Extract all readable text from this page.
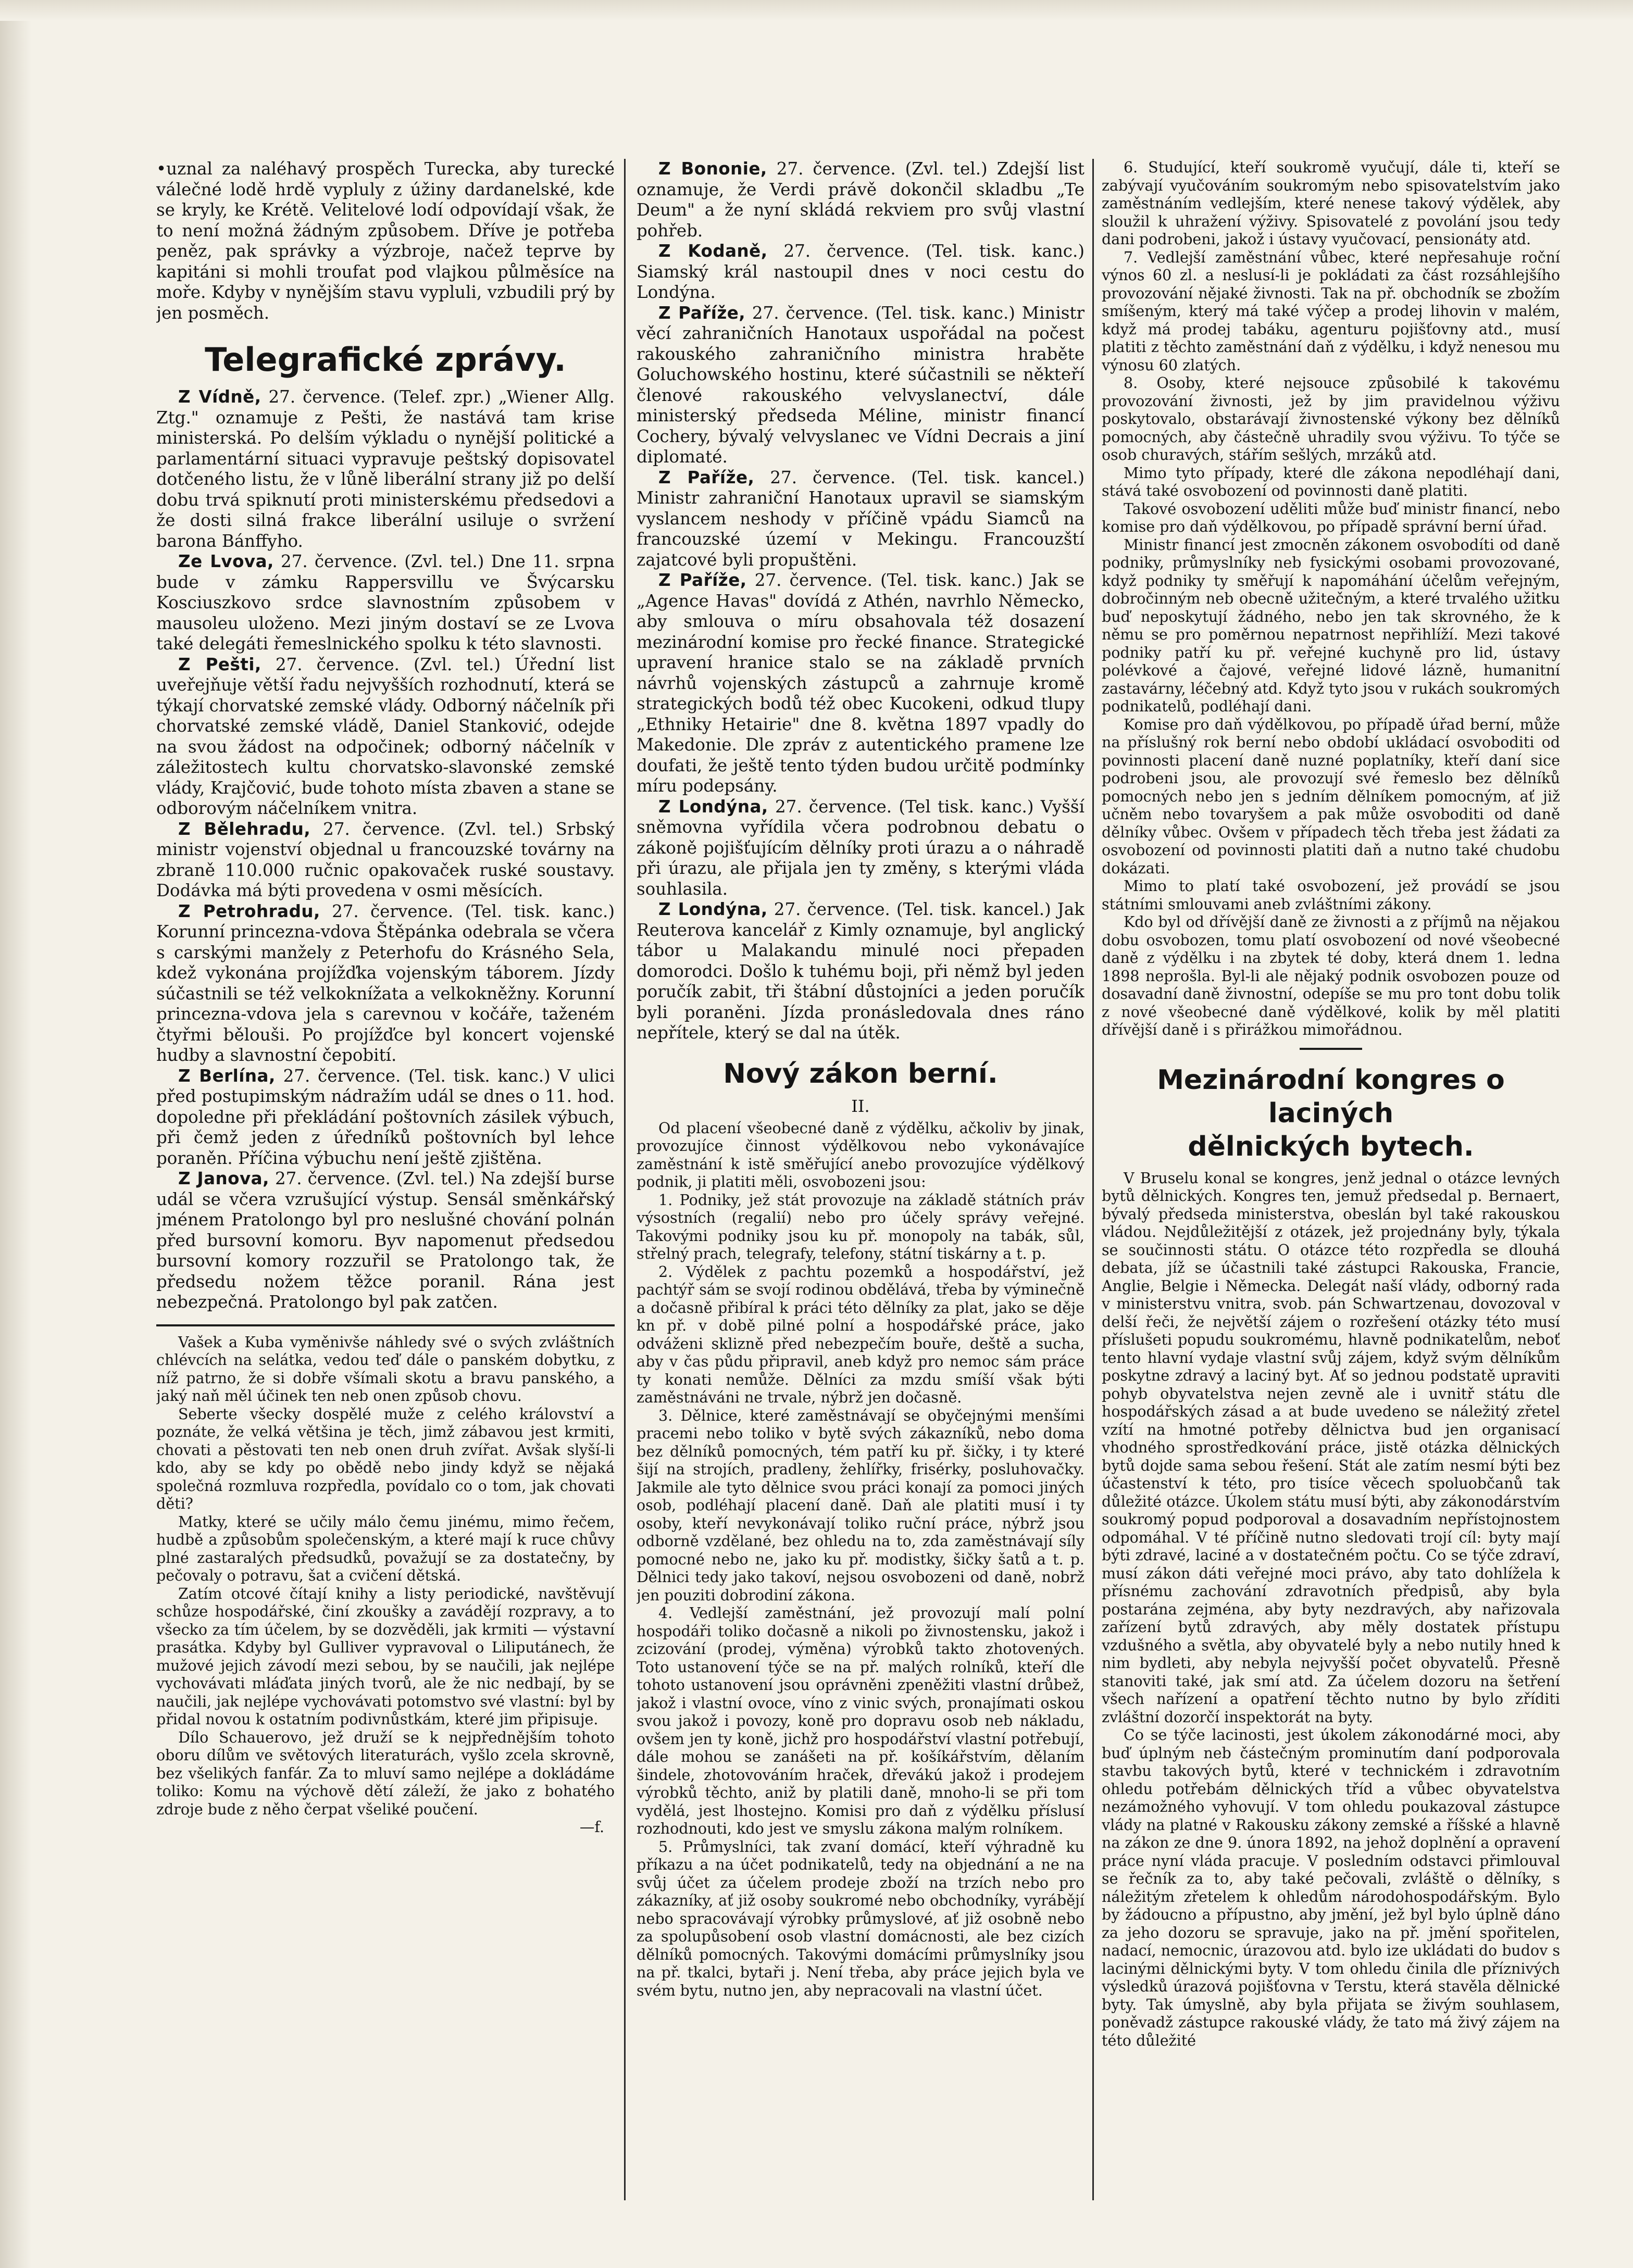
•uznal za naléhavý prospěch Turecka, aby turecké válečné lodě hrdě vypluly z úžiny dardanelské, kde se kryly, ke Krétě. Velitelové lodí odpovídají však, že to není možná žádným způsobem. Dříve je potřeba peněz, pak správky a výzbroje, načež teprve by kapitáni si mohli troufat pod vlajkou půlměsíce na moře. Kdyby v nynějším stavu vypluli, vzbudili prý by jen posměch.

Telegrafické zprávy.

Z Vídně, 27. července. (Telef. zpr.) „Wiener Allg. Ztg." oznamuje z Pešti, že nastává tam krise ministerská. Po delším výkladu o nynější politické a parlamentární situaci vypravuje peštský dopisovatel dotčeného listu, že v lůně liberální strany již po delší dobu trvá spiknutí proti ministerskému předsedovi a že dosti silná frakce liberální usiluje o svržení barona Bánffyho.

Ze Lvova, 27. července. (Zvl. tel.) Dne 11. srpna bude v zámku Rappersvillu ve Švýcarsku Kosciuszkovo srdce slavnostním způsobem v mausoleu uloženo. Mezi jiným dostaví se ze Lvova také delegáti řemeslnického spolku k této slavnosti.

Z Pešti, 27. července. (Zvl. tel.) Úřední list uveřejňuje větší řadu nejvyšších rozhodnutí, která se týkají chorvatské zemské vlády. Odborný náčelník při chorvatské zemské vládě, Daniel Stanković, odejde na svou žádost na odpočinek; odborný náčelník v záležitostech kultu chorvatsko-slavonské zemské vlády, Krajčović, bude tohoto místa zbaven a stane se odborovým náčelníkem vnitra.

Z Bělehradu, 27. července. (Zvl. tel.) Srbský ministr vojenství objednal u francouzské továrny na zbraně 110.000 ručnic opakovaček ruské soustavy. Dodávka má býti provedena v osmi měsících.

Z Petrohradu, 27. července. (Tel. tisk. kanc.) Korunní princezna-vdova Štěpánka odebrala se včera s carskými manžely z Peterhofu do Krásného Sela, kdež vykonána projížďka vojenským táborem. Jízdy súčastnili se též velkoknížata a velkokněžny. Korunní princezna-vdova jela s carevnou v kočáře, taženém čtyřmi bělouši. Po projížďce byl koncert vojenské hudby a slavnostní čepobití.

Z Berlína, 27. července. (Tel. tisk. kanc.) V ulici před postupimským nádražím udál se dnes o 11. hod. dopoledne při překládání poštovních zásilek výbuch, při čemž jeden z úředníků poštovních byl lehce poraněn. Příčina výbuchu není ještě zjištěna.

Z Janova, 27. července. (Zvl. tel.) Na zdejší burse udál se včera vzrušující výstup. Sensál směnkářský jménem Pratolongo byl pro neslušné chování polnán před bursovní komoru. Byv napomenut předsedou bursovní komory rozzuřil se Pratolongo tak, že předsedu nožem těžce poranil. Rána jest nebezpečná. Pratolongo byl pak zatčen.

Vašek a Kuba vyměnivše náhledy své o svých zvláštních chlévcích na selátka, vedou teď dále o panském dobytku, z níž patrno, že si dobře všímali skotu a bravu panského, a jaký naň měl účinek ten neb onen způsob chovu.

Seberte všecky dospělé muže z celého království a poznáte, že velká většina je těch, jimž zábavou jest krmiti, chovati a pěstovati ten neb onen druh zvířat. Avšak slyší-li kdo, aby se kdy po obědě nebo jindy když se nějaká společná rozmluva rozpředla, povídalo co o tom, jak chovati děti?

Matky, které se učily málo čemu jinému, mimo řečem, hudbě a způsobům společenským, a které mají k ruce chůvy plné zastaralých předsudků, považují se za dostatečny, by pečovaly o potravu, šat a cvičení dětská.

Zatím otcové čítají knihy a listy periodické, navštěvují schůze hospodářské, činí zkoušky a zavádějí rozpravy, a to všecko za tím účelem, by se dozvěděli, jak krmiti — výstavní prasátka. Kdyby byl Gulliver vypravoval o Liliputánech, že mužové jejich závodí mezi sebou, by se naučili, jak nejlépe vychovávati mláďata jiných tvorů, ale že nic nedbají, by se naučili, jak nejlépe vychovávati potomstvo své vlastní: byl by přidal novou k ostatním podivnůstkám, které jim připisuje.

Dílo Schauerovo, jež druží se k nejpřednějším tohoto oboru dílům ve světových literaturách, vyšlo zcela skrovně, bez všelikých fanfár. Za to mluví samo nejlépe a dokládáme toliko: Komu na výchově dětí záleží, že jako z bohatého zdroje bude z něho čerpat všeliké poučení.

—f.

Z Bononie, 27. července. (Zvl. tel.) Zdejší list oznamuje, že Verdi právě dokončil skladbu „Te Deum" a že nyní skládá rekviem pro svůj vlastní pohřeb.

Z Kodaně, 27. července. (Tel. tisk. kanc.) Siamský král nastoupil dnes v noci cestu do Londýna.

Z Paříže, 27. července. (Tel. tisk. kanc.) Ministr věcí zahraničních Hanotaux uspořádal na počest rakouského zahraničního ministra hraběte Goluchowského hostinu, které súčastnili se někteří členové rakouského velvyslanectví, dále ministerský předseda Méline, ministr financí Cochery, bývalý velvyslanec ve Vídni Decrais a jiní diplomaté.

Z Paříže, 27. července. (Tel. tisk. kancel.) Ministr zahraniční Hanotaux upravil se siamským vyslancem neshody v příčině vpádu Siamců na francouzské území v Mekingu. Francouzští zajatcové byli propuštěni.

Z Paříže, 27. července. (Tel. tisk. kanc.) Jak se „Agence Havas" dovídá z Athén, navrhlo Německo, aby smlouva o míru obsahovala též dosazení mezinárodní komise pro řecké finance. Strategické upravení hranice stalo se na základě prvních návrhů vojenských zástupců a zahrnuje kromě strategických bodů též obec Kucokeni, odkud tlupy „Ethniky Hetairie" dne 8. května 1897 vpadly do Makedonie. Dle zpráv z autentického pramene lze doufati, že ještě tento týden budou určitě podmínky míru podepsány.

Z Londýna, 27. července. (Tel tisk. kanc.) Vyšší sněmovna vyřídila včera podrobnou debatu o zákoně pojišťujícím dělníky proti úrazu a o náhradě při úrazu, ale přijala jen ty změny, s kterými vláda souhlasila.

Z Londýna, 27. července. (Tel. tisk. kancel.) Jak Reuterova kancelář z Kimly oznamuje, byl anglický tábor u Malakandu minulé noci přepaden domorodci. Došlo k tuhému boji, při němž byl jeden poručík zabit, tři štábní důstojníci a jeden poručík byli poraněni. Jízda pronásledovala dnes ráno nepřítele, který se dal na útěk.

Nový zákon berní.
II.

Od placení všeobecné daně z výdělku, ačkoliv by jinak, provozujíce činnost výdělkovou nebo vykonávajíce zaměstnání k istě směřující anebo provozujíce výdělkový podnik, ji platiti měli, osvobozeni jsou:

1. Podniky, jež stát provozuje na základě státních práv výsostních (regalií) nebo pro účely správy veřejné. Takovými podniky jsou ku př. monopoly na tabák, sůl, střelný prach, telegrafy, telefony, státní tiskárny a t. p.

2. Výdělek z pachtu pozemků a hospodářství, jež pachtýř sám se svojí rodinou obdělává, třeba by výminečně a dočasně přibíral k práci této dělníky za plat, jako se děje kn př. v době pilné polní a hospodářské práce, jako odváženi sklizně před nebezpečím bouře, deště a sucha, aby v čas půdu připravil, aneb když pro nemoc sám práce ty konati nemůže. Dělníci za mzdu smíší však býti zaměstnáváni ne trvale, nýbrž jen dočasně.

3. Dělnice, které zaměstnávají se obyčejnými menšími pracemi nebo toliko v bytě svých zákazníků, nebo doma bez dělníků pomocných, tém patří ku př. šičky, i ty které šijí na strojích, pradleny, žehlířky, frisérky, posluhovačky. Jakmile ale tyto dělnice svou práci konají za pomoci jiných osob, podléhají placení daně. Daň ale platiti musí i ty osoby, kteří nevykonávají toliko ruční práce, nýbrž jsou odborně vzdělané, bez ohledu na to, zda zaměstnávají síly pomocné nebo ne, jako ku př. modistky, šičky šatů a t. p. Dělnici tedy jako takoví, nejsou osvobozeni od daně, nobrž jen pouziti dobrodiní zákona.

4. Vedlejší zaměstnání, jež provozují malí polní hospodáři toliko dočasně a nikoli po živnostensku, jakož i zcizování (prodej, výměna) výrobků takto zhotovených. Toto ustanovení týče se na př. malých rolníků, kteří dle tohoto ustanovení jsou oprávněni zpeněžiti vlastní drůbež, jakož i vlastní ovoce, víno z vinic svých, pronajímati oskou svou jakož i povozy, koně pro dopravu osob neb nákladu, ovšem jen ty koně, jichž pro hospodářství vlastní potřebují, dále mohou se zanášeti na př. košíkářstvím, dělaním šindele, zhotovováním hraček, dřevákú jakož i prodejem výrobků těchto, aniž by platili daně, mnoho-li se při tom vydělá, jest lhostejno. Komisi pro daň z výdělku příslusí rozhodnouti, kdo jest ve smyslu zákona malým rolníkem.

5. Průmyslníci, tak zvaní domácí, kteří výhradně ku příkazu a na účet podnikatelů, tedy na objednání a ne na svůj účet za účelem prodeje zboží na trzích nebo pro zákazníky, ať již osoby soukromé nebo obchodníky, vyrábějí nebo spracovávají výrobky průmyslové, ať již osobně nebo za spolupůsobení osob vlastní domácnosti, ale bez cizích dělníků pomocných. Takovými domácími průmyslníky jsou na př. tkalci, bytaři j. Není třeba, aby práce jejich byla ve svém bytu, nutno jen, aby nepracovali na vlastní účet.

6. Studující, kteří soukromě vyučují, dále ti, kteří se zabývají vyučováním soukromým nebo spisovatelstvím jako zaměstnáním vedlejším, které nenese takový výdělek, aby sloužil k uhražení výživy. Spisovatelé z povolání jsou tedy dani podrobeni, jakož i ústavy vyučovací, pensionáty atd.

7. Vedlejší zaměstnání vůbec, které nepřesahuje roční výnos 60 zl. a neslusí-li je pokládati za část rozsáhlejšího provozování nějaké živnosti. Tak na př. obchodník se zbožím smíšeným, který má také výčep a prodej lihovin v malém, když má prodej tabáku, agenturu pojišťovny atd., musí platiti z těchto zaměstnání daň z výdělku, i když nenesou mu výnosu 60 zlatých.

8. Osoby, které nejsouce způsobilé k takovému provozování živnosti, jež by jim pravidelnou výživu poskytovalo, obstarávají živnostenské výkony bez dělníků pomocných, aby částečně uhradily svou výživu. To týče se osob churavých, stářím sešlých, mrzáků atd.

Mimo tyto případy, které dle zákona nepodléhají dani, stává také osvobození od povinnosti daně platiti.

Takové osvobození uděliti může buď ministr financí, nebo komise pro daň výdělkovou, po případě správní berní úřad.

Ministr financí jest zmocněn zákonem osvobodíti od daně podniky, průmyslníky neb fysickými osobami provozované, když podniky ty směřují k napomáhání účelům veřejným, dobročinným neb obecně užitečným, a které trvalého užitku buď neposkytují žádného, nebo jen tak skrovného, že k němu se pro poměrnou nepatrnost nepřihlíží. Mezi takové podniky patří ku př. veřejné kuchyně pro lid, ústavy polévkové a čajové, veřejné lidové lázně, humanitní zastavárny, léčebný atd. Když tyto jsou v rukách soukromých podnikatelů, podléhají dani.

Komise pro daň výdělkovou, po případě úřad berní, může na příslušný rok berní nebo období ukládací osvoboditi od povinnosti placení daně nuzné poplatníky, kteří daní sice podrobeni jsou, ale provozují své řemeslo bez dělníků pomocných nebo jen s jedním dělníkem pomocným, ať již učněm nebo tovaryšem a pak může osvoboditi od daně dělníky vůbec. Ovšem v případech těch třeba jest žádati za osvobození od povinnosti platiti daň a nutno také chudobu dokázati.

Mimo to platí také osvobození, jež provádí se jsou státními smlouvami aneb zvláštními zákony.

Kdo byl od dřívější daně ze živnosti a z příjmů na nějakou dobu osvobozen, tomu platí osvobození od nové všeobecné daně z výdělku i na zbytek té doby, která dnem 1. ledna 1898 neprošla. Byl-li ale nějaký podnik osvobozen pouze od dosavadní daně živnostní, odepíše se mu pro tont dobu tolik z nové všeobecné daně výdělkové, kolik by měl platiti dřívější daně i s přirážkou mimořádnou.

Mezinárodní kongres o laciných
dělnických bytech.

V Bruselu konal se kongres, jenž jednal o otázce levných bytů dělnických. Kongres ten, jemuž předsedal p. Bernaert, bývalý předseda ministerstva, obeslán byl také rakouskou vládou. Nejdůležitější z otázek, jež projednány byly, týkala se součinnosti státu. O otázce této rozpředla se dlouhá debata, jíž se účastnili také zástupci Rakouska, Francie, Anglie, Belgie i Německa. Delegát naší vlády, odborný rada v ministerstvu vnitra, svob. pán Schwartzenau, dovozoval v delší řeči, že největší zájem o rozřešení otázky této musí příslušeti popudu soukromému, hlavně podnikatelům, neboť tento hlavní vydaje vlastní svůj zájem, když svým dělníkům poskytne zdravý a laciný byt. Ať so jednou podstatě upraviti pohyb obyvatelstva nejen zevně ale i uvnitř státu dle hospodářských zásad a at bude uvedeno se náležitý zřetel vzítí na hmotné potřeby dělnictva bud jen organisací vhodného sprostředkování práce, jistě otázka dělnických bytů dojde sama sebou řešení. Stát ale zatím nesmí býti bez účastenství k této, pro tisíce věcech spoluobčanů tak důležité otázce. Úkolem státu musí býti, aby zákonodárstvím soukromý popud podporoval a dosavadním nepřístojnostem odpomáhal. V té příčině nutno sledovati trojí cíl: byty mají býti zdravé, laciné a v dostatečném počtu. Co se týče zdraví, musí zákon dáti veřejné moci právo, aby tato dohlížela k přísnému zachování zdravotních předpisů, aby byla postarána zejména, aby byty nezdravých, aby nařizovala zařízení bytů zdravých, aby měly dostatek přístupu vzdušného a světla, aby obyvatelé byly a nebo nutily hned k nim bydleti, aby nebyla nejvyšší počet obyvatelů. Přesně stanoviti také, jak smí atd. Za účelem dozoru na šetření všech nařízení a opatření těchto nutno by bylo zříditi zvláštní dozorčí inspektorát na byty.

Co se týče lacinosti, jest úkolem zákonodárné moci, aby buď úplným neb částečným prominutím daní podporovala stavbu takových bytů, které v technickém i zdravotním ohledu potřebám dělnických tříd a vůbec obyvatelstva nezámožného vyhovují. V tom ohledu poukazoval zástupce vlády na platné v Rakousku zákony zemské a říšské a hlavně na zákon ze dne 9. února 1892, na jehož doplnění a opravení práce nyní vláda pracuje. V posledním odstavci přimlouval se řečník za to, aby také pečovali, zvláště o dělníky, s náležitým zřetelem k ohledům národohospodářským. Bylo by žádoucno a přípustno, aby jmění, jež byl bylo úplně dáno za jeho dozoru se spravuje, jako na př. jmění spořitelen, nadací, nemocnic, úrazovou atd. bylo ize ukládati do budov s lacinými dělnickými byty. V tom ohledu činila dle příznivých výsledků úrazová pojišťovna v Terstu, která stavěla dělnické byty. Tak úmyslně, aby byla přijata se živým souhlasem, poněvadž zástupce rakouské vlády, že tato má živý zájem na této důležité
